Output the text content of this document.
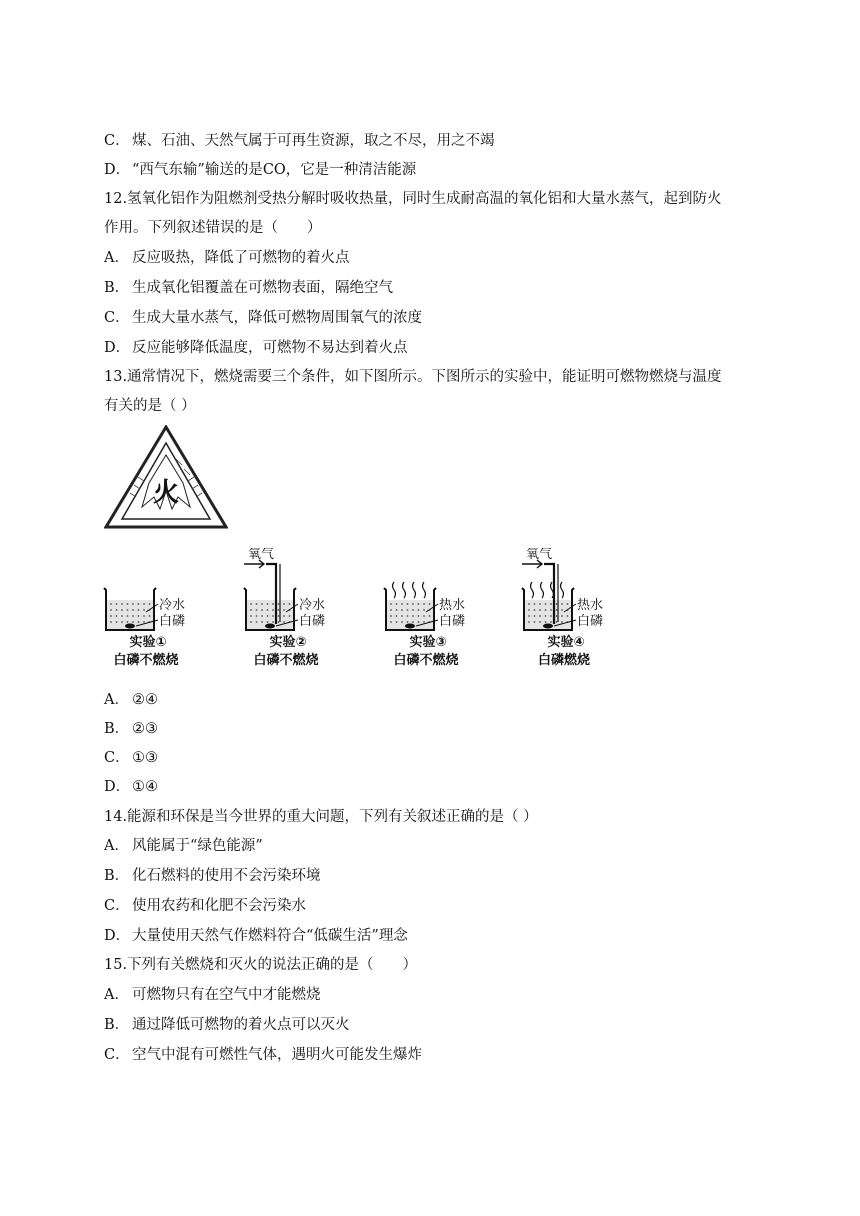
C． 煤、石油、天然气属于可再生资源，取之不尽，用之不竭
D． “西气东输”输送的是CO，它是一种清洁能源
12.氢氧化铝作为阻燃剂受热分解时吸收热量，同时生成耐高温的氧化铝和大量水蒸气，起到防火
作用。下列叙述错误的是（　　）
A． 反应吸热，降低了可燃物的着火点
B． 生成氧化铝覆盖在可燃物表面，隔绝空气
C． 生成大量水蒸气，降低可燃物周围氧气的浓度
D． 反应能够降低温度，可燃物不易达到着火点
13.通常情况下，燃烧需要三个条件，如下图所示。下图所示的实验中，能证明可燃物燃烧与温度
有关的是（ ）
火
冷水
白磷
实验①
白磷不燃烧
氧气
冷水
白磷
实验②
白磷不燃烧
热水
白磷
实验③
白磷不燃烧
氧气
热水
白磷
实验④
白磷燃烧
A． ②④
B． ②③
C． ①③
D． ①④
14.能源和环保是当今世界的重大问题，下列有关叙述正确的是（ ）
A． 风能属于“绿色能源”
B． 化石燃料的使用不会污染环境
C． 使用农药和化肥不会污染水
D． 大量使用天然气作燃料符合“低碳生活”理念
15.下列有关燃烧和灭火的说法正确的是（　　）
A． 可燃物只有在空气中才能燃烧
B． 通过降低可燃物的着火点可以灭火
C． 空气中混有可燃性气体，遇明火可能发生爆炸
